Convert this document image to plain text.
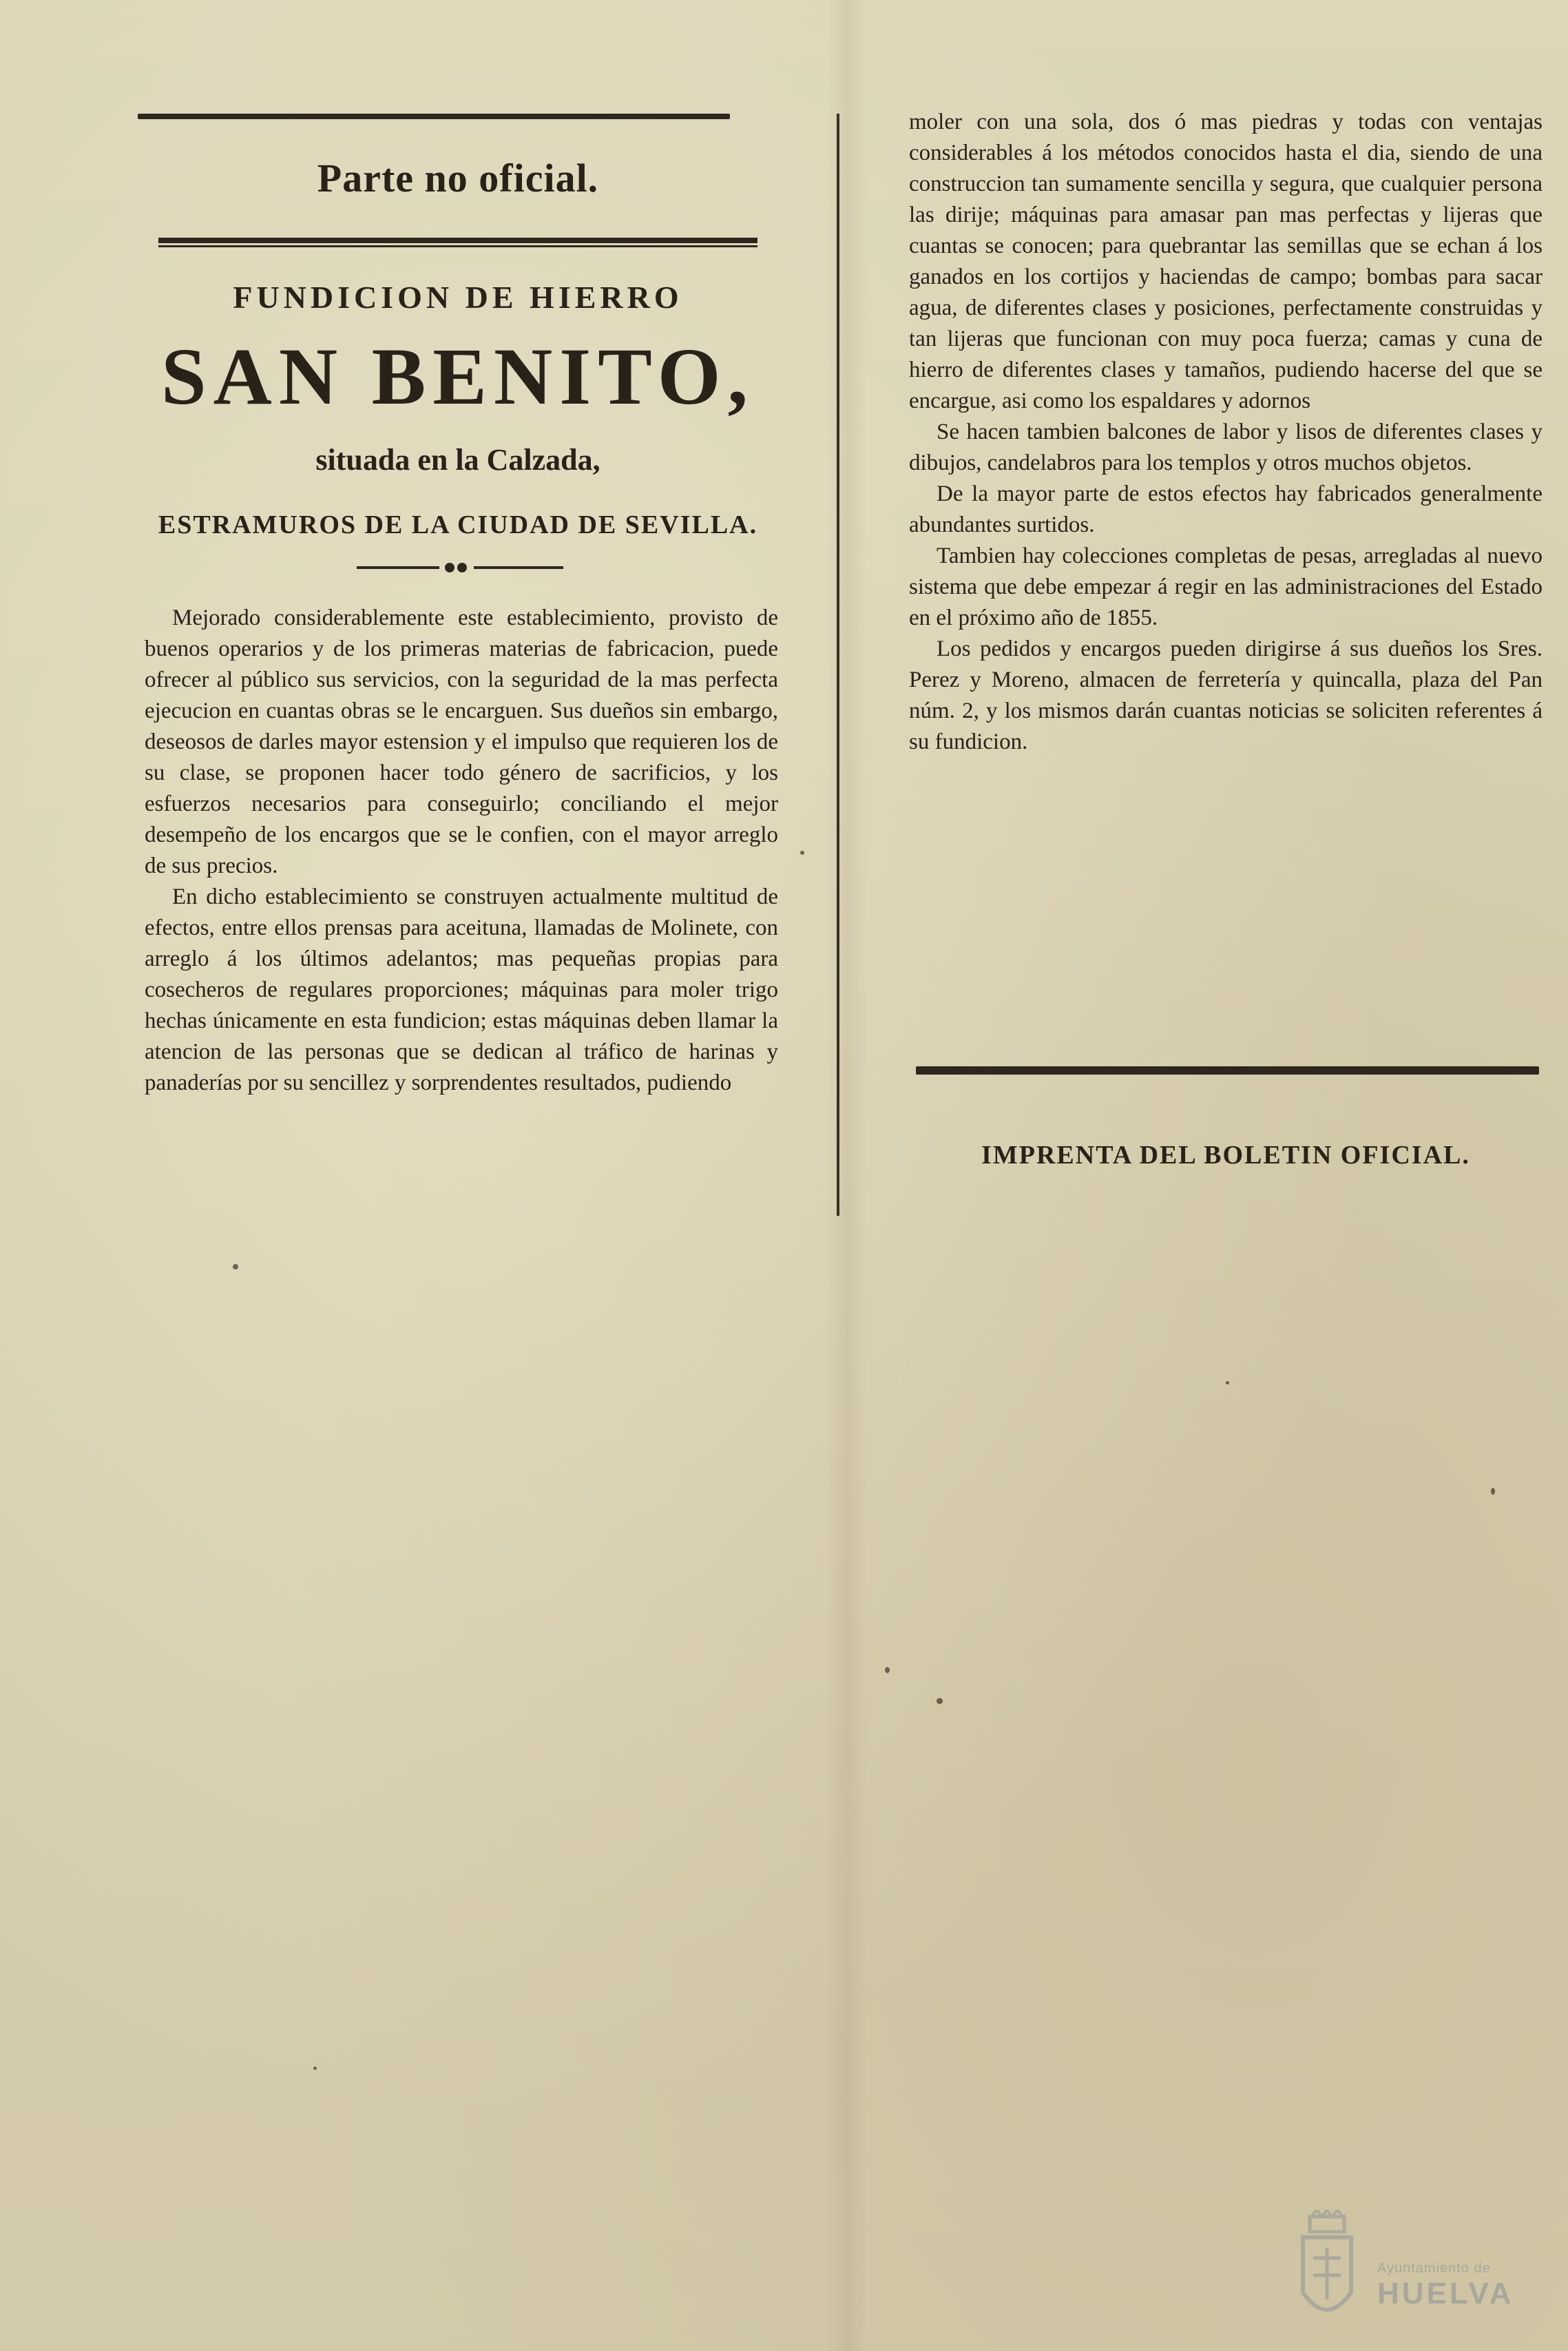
Parte no oficial.
FUNDICION DE HIERRO
SAN BENITO,
situada en la Calzada,
ESTRAMUROS DE LA CIUDAD DE SEVILLA.

Mejorado considerablemente este establecimiento, provisto de buenos operarios y de los primeras materias de fabricacion, puede ofrecer al público sus servicios, con la seguridad de la mas perfecta ejecucion en cuantas obras se le encarguen. Sus dueños sin embargo, deseosos de darles mayor estension y el impulso que requieren los de su clase, se proponen hacer todo género de sacrificios, y los esfuerzos necesarios para conseguirlo; conciliando el mejor desempeño de los encargos que se le confien, con el mayor arreglo de sus precios.

En dicho establecimiento se construyen actualmente multitud de efectos, entre ellos prensas para aceituna, llamadas de Molinete, con arreglo á los últimos adelantos; mas pequeñas propias para cosecheros de regulares proporciones; máquinas para moler trigo hechas únicamente en esta fundicion; estas máquinas deben llamar la atencion de las personas que se dedican al tráfico de harinas y panaderías por su sencillez y sorprendentes resultados, pudiendo

moler con una sola, dos ó mas piedras y todas con ventajas considerables á los métodos conocidos hasta el dia, siendo de una construccion tan sumamente sencilla y segura, que cualquier persona las dirije; máquinas para amasar pan mas perfectas y lijeras que cuantas se conocen; para quebrantar las semillas que se echan á los ganados en los cortijos y haciendas de campo; bombas para sacar agua, de diferentes clases y posiciones, perfectamente construidas y tan lijeras que funcionan con muy poca fuerza; camas y cuna de hierro de diferentes clases y tamaños, pudiendo hacerse del que se encargue, asi como los espaldares y adornos

Se hacen tambien balcones de labor y lisos de diferentes clases y dibujos, candelabros para los templos y otros muchos objetos.

De la mayor parte de estos efectos hay fabricados generalmente abundantes surtidos.

Tambien hay colecciones completas de pesas, arregladas al nuevo sistema que debe empezar á regir en las administraciones del Estado en el próximo año de 1855.

Los pedidos y encargos pueden dirigirse á sus dueños los Sres. Perez y Moreno, almacen de ferretería y quincalla, plaza del Pan núm. 2, y los mismos darán cuantas noticias se soliciten referentes á su fundicion.

IMPRENTA DEL BOLETIN OFICIAL.
Ayuntamiento de
HUELVA
